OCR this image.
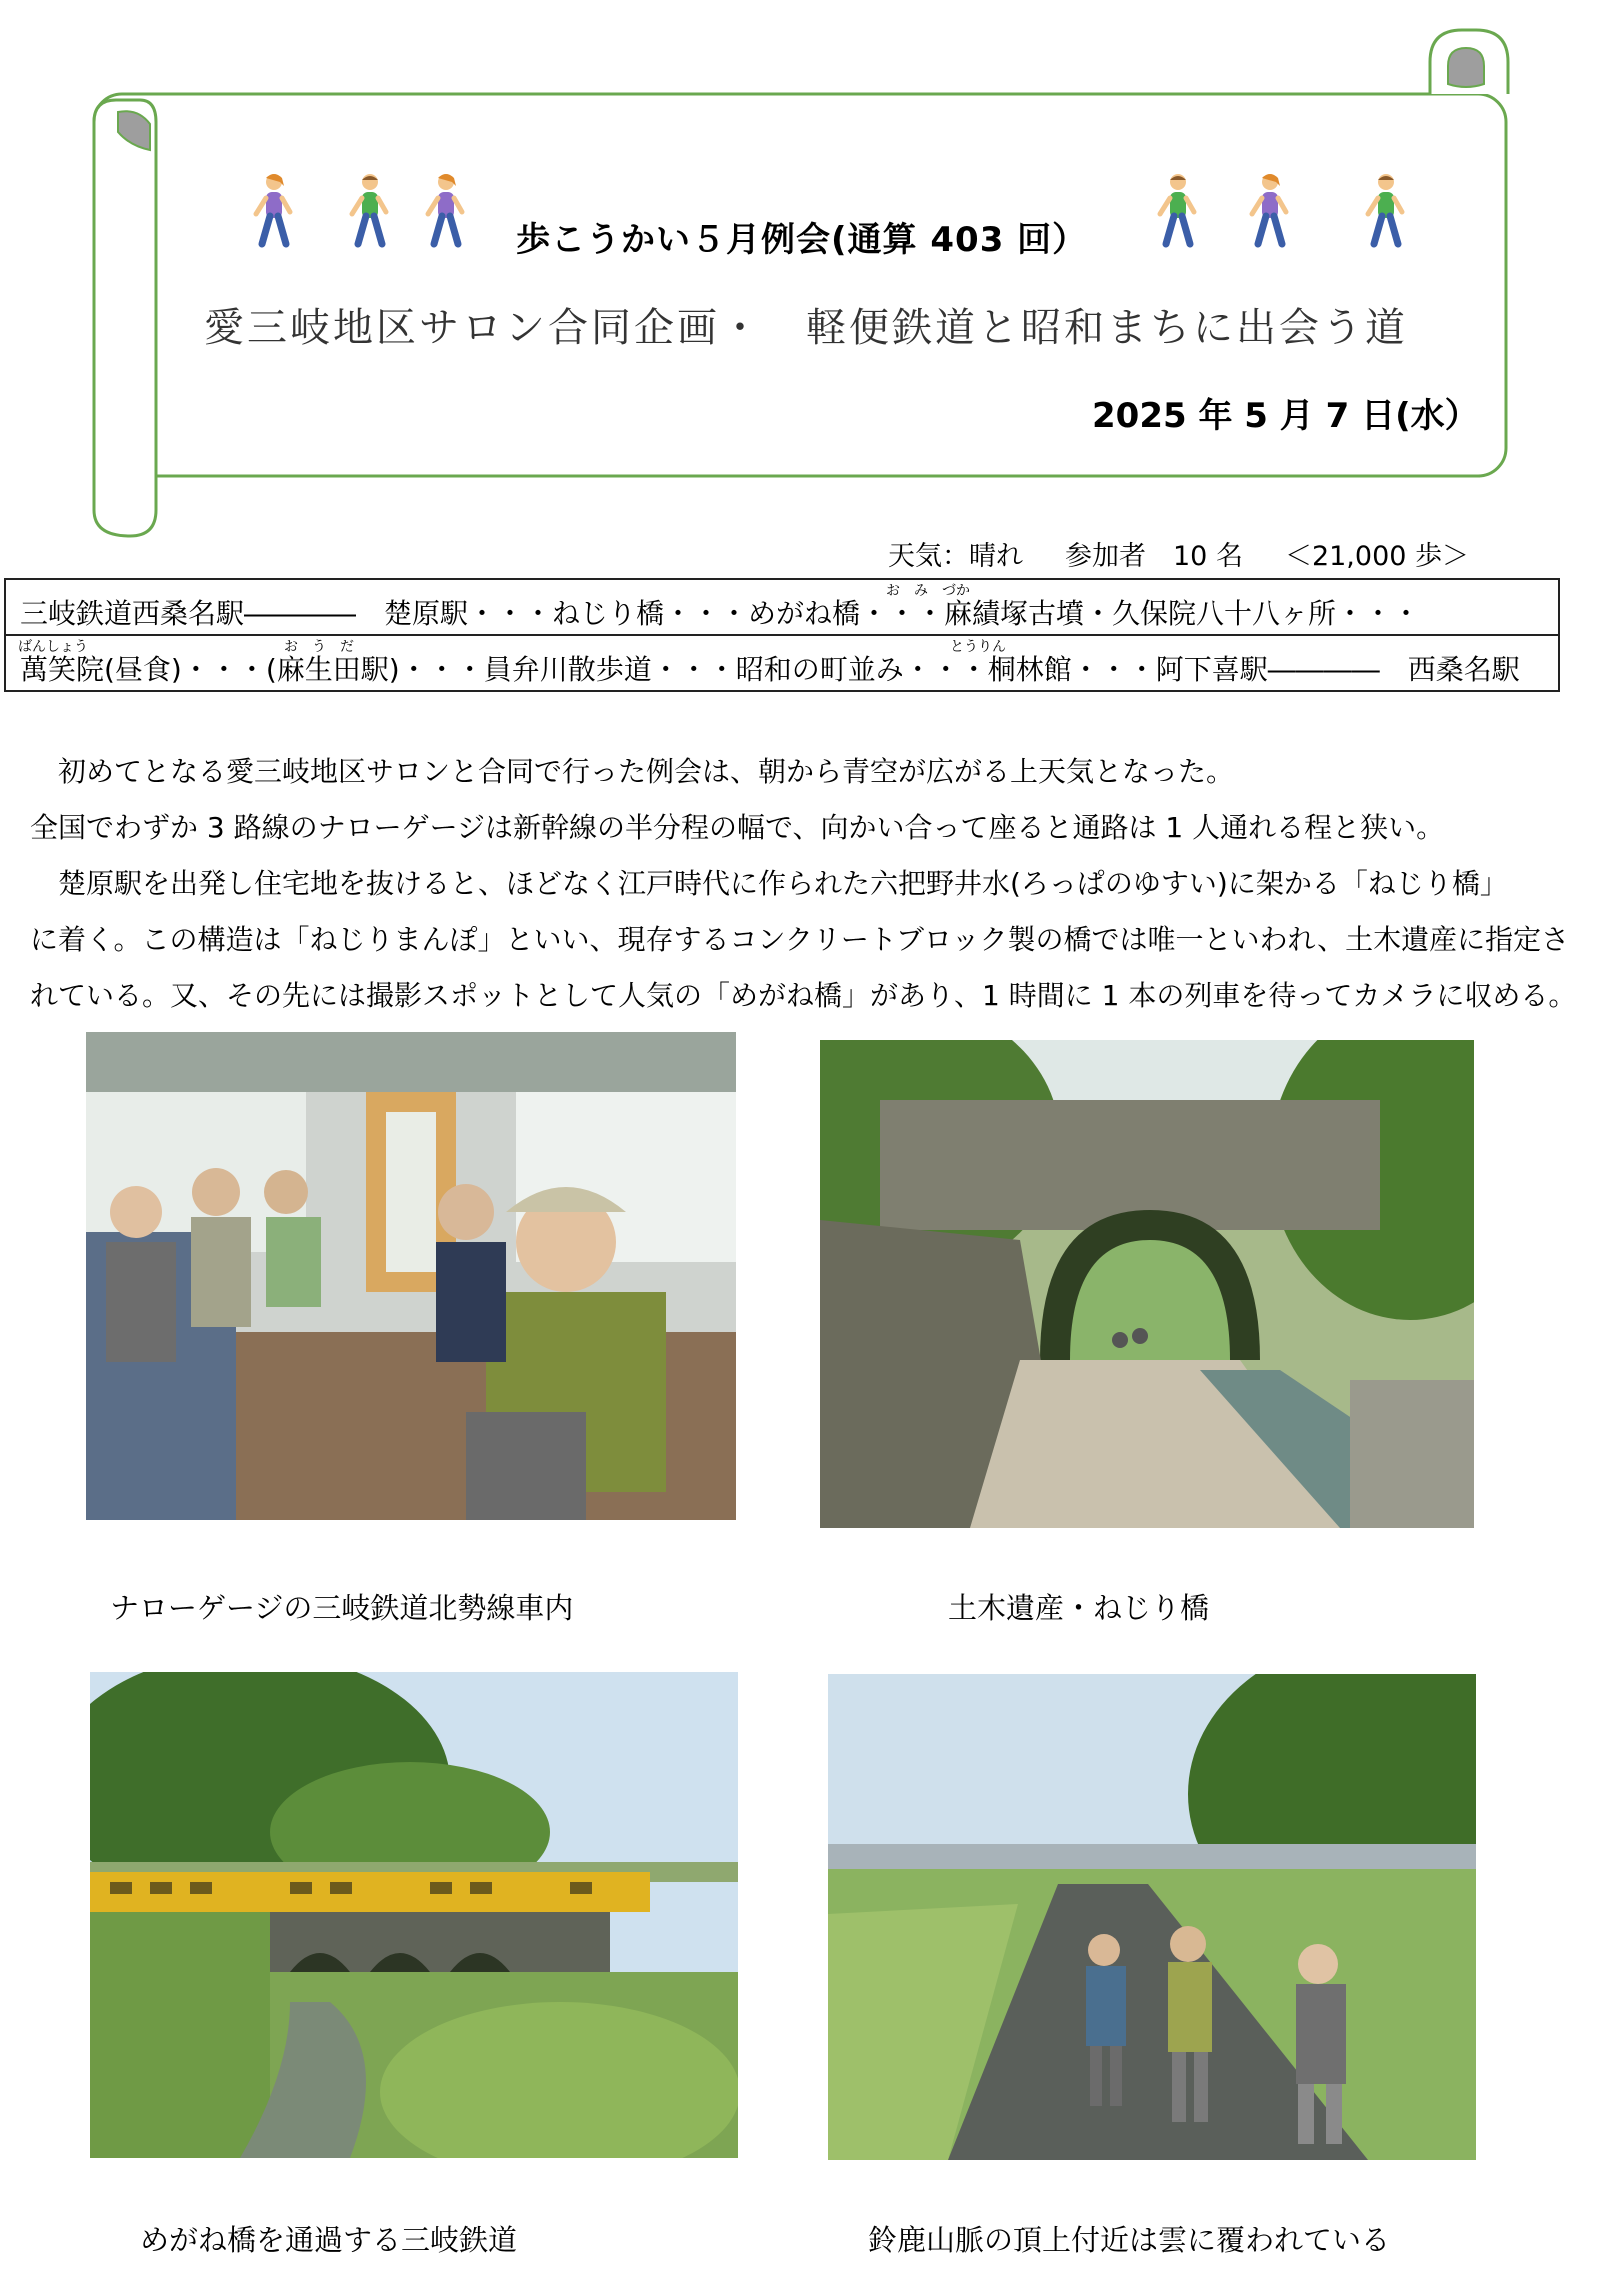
歩こうかい５月例会(通算 403 回）
愛三岐地区サロン合同企画・　軽便鉄道と昭和まちに出会う道
2025 年 5 月 7 日(水）
天気：晴れ 参加者　10 名 ＜21,000 歩＞
お　み　づか
ばんしょう	お　う　だ	とうりん
三岐鉄道西桑名駅――――　楚原駅・・・ねじり橋・・・めがね橋・・・麻績塚古墳・久保院八十八ヶ所・・・
萬笑院(昼食)・・・(麻生田駅)・・・員弁川散歩道・・・昭和の町並み・・・桐林館・・・阿下喜駅――――　西桑名駅
　初めてとなる愛三岐地区サロンと合同で行った例会は、朝から青空が広がる上天気となった。
全国でわずか 3 路線のナローゲージは新幹線の半分程の幅で、向かい合って座ると通路は 1 人通れる程と狭い。
　楚原駅を出発し住宅地を抜けると、ほどなく江戸時代に作られた六把野井水(ろっぱのゆすい)に架かる「ねじり橋」
に着く。この構造は「ねじりまんぽ」といい、現存するコンクリートブロック製の橋では唯一といわれ、土木遺産に指定さ
れている。又、その先には撮影スポットとして人気の「めがね橋」があり、1 時間に 1 本の列車を待ってカメラに収める。
ナローゲージの三岐鉄道北勢線車内	土木遺産・ねじり橋
めがね橋を通過する三岐鉄道	鈴鹿山脈の頂上付近は雲に覆われている
